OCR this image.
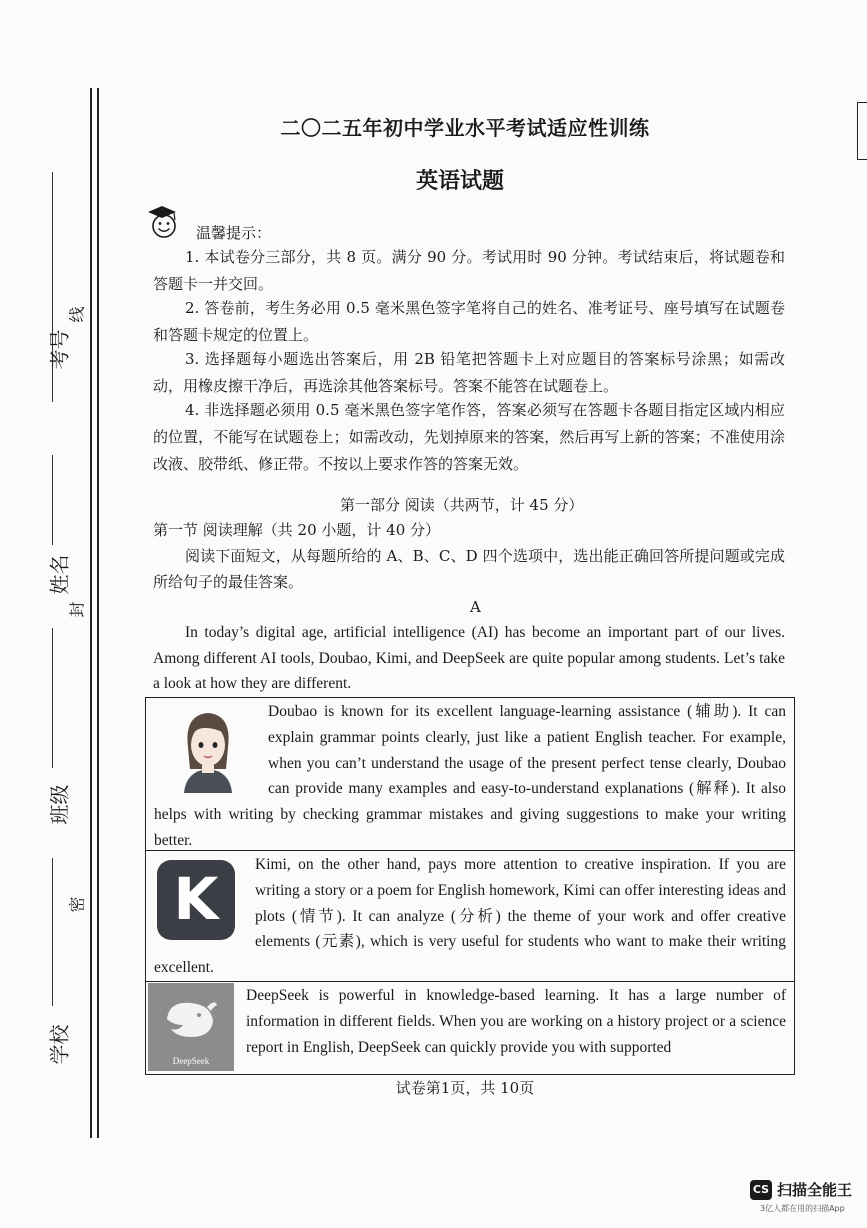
考号
线
姓名
封
班级
密
学校
二〇二五年初中学业水平考试适应性训练
英语试题
温馨提示：
1. 本试卷分三部分，共 8 页。满分 90 分。考试用时 90 分钟。考试结束后，将试题卷和答题卡一并交回。
2. 答卷前，考生务必用 0.5 毫米黑色签字笔将自己的姓名、准考证号、座号填写在试题卷和答题卡规定的位置上。
3. 选择题每小题选出答案后，用 2B 铅笔把答题卡上对应题目的答案标号涂黑；如需改动，用橡皮擦干净后，再选涂其他答案标号。答案不能答在试题卷上。
4. 非选择题必须用 0.5 毫米黑色签字笔作答，答案必须写在答题卡各题目指定区域内相应的位置，不能写在试题卷上；如需改动，先划掉原来的答案，然后再写上新的答案；不准使用涂改液、胶带纸、修正带。不按以上要求作答的答案无效。
第一部分 阅读（共两节，计 45 分）
第一节 阅读理解（共 20 小题，计 40 分）
阅读下面短文，从每题所给的 A、B、C、D 四个选项中，选出能正确回答所提问题或完成所给句子的最佳答案。
A
In today’s digital age, artificial intelligence (AI) has become an important part of our lives. Among different AI tools, Doubao, Kimi, and DeepSeek are quite popular among students. Let’s take a look at how they are different.
Doubao is known for its excellent language-learning assistance (辅助). It can explain grammar points clearly, just like a patient English teacher. For example, when you can’t understand the usage of the present perfect tense clearly, Doubao can provide many examples and easy-to-understand explanations (解释). It also helps with writing by checking grammar mistakes and giving suggestions to make your writing better.
K
Kimi, on the other hand, pays more attention to creative inspiration. If you are writing a story or a poem for English homework, Kimi can offer interesting ideas and plots (情节). It can analyze (分析) the theme of your work and offer creative elements (元素), which is very useful for students who want to make their writing excellent.
DeepSeek
DeepSeek is powerful in knowledge-based learning. It has a large number of information in different fields. When you are working on a history project or a science report in English, DeepSeek can quickly provide you with supported
试卷第1页，共 10页
CS 扫描全能王
3亿人都在用的扫描App
